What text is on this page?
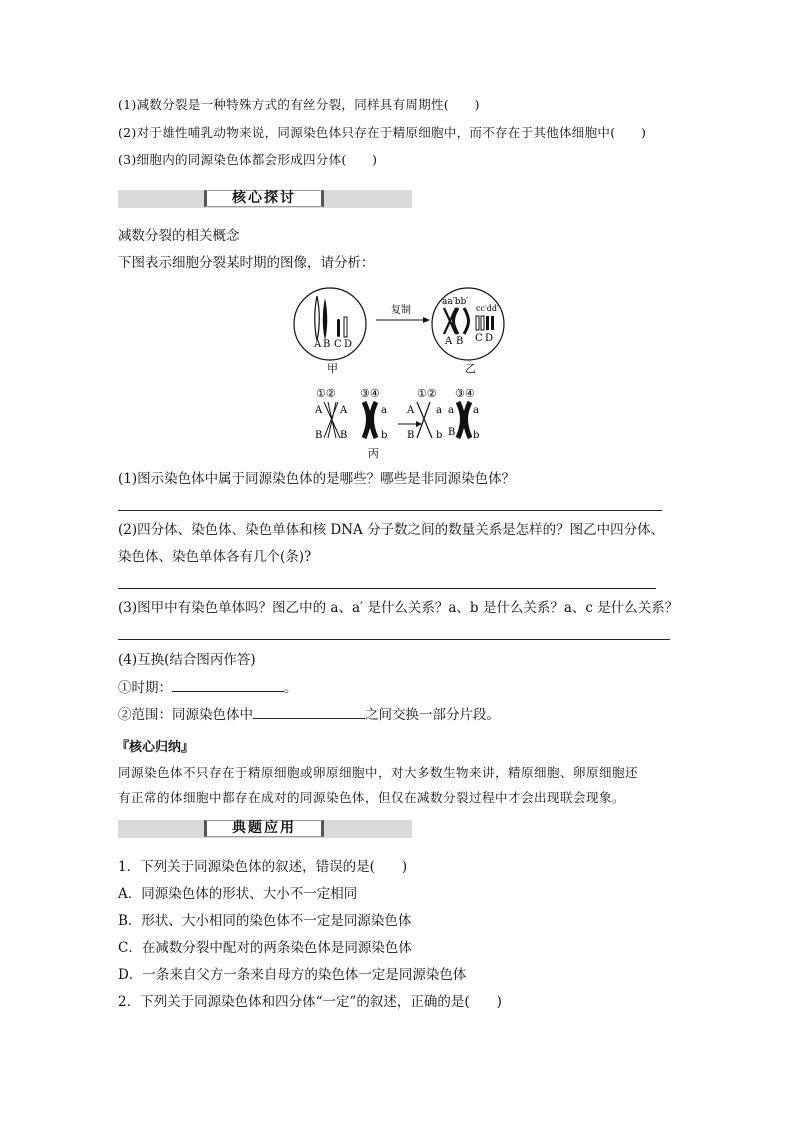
(1)减数分裂是一种特殊方式的有丝分裂，同样具有周期性(　　)
(2)对于雄性哺乳动物来说，同源染色体只存在于精原细胞中，而不存在于其他体细胞中(　　)
(3)细胞内的同源染色体都会形成四分体(　　)
核心探讨
减数分裂的相关概念
下图表示细胞分裂某时期的图像，请分析：
A B C D
甲
复制
aa′bb′
cc′dd′
A B C D
乙
①② ③④	①② ③④
A A
B B
a
b
A a
B b
a a
B b
丙
(1)图示染色体中属于同源染色体的是哪些？哪些是非同源染色体？
(2)四分体、染色体、染色单体和核 DNA 分子数之间的数量关系是怎样的？图乙中四分体、
染色体、染色单体各有几个(条)?
(3)图甲中有染色单体吗？图乙中的 a、a′ 是什么关系？a、b 是什么关系？a、c 是什么关系？
(4)互换(结合图丙作答)
①时期：	。
②范围：同源染色体中	之间交换一部分片段。
『核心归纳』
同源染色体不只存在于精原细胞或卵原细胞中，对大多数生物来讲，精原细胞、卵原细胞还
有正常的体细胞中都存在成对的同源染色体，但仅在减数分裂过程中才会出现联会现象。
典题应用
1．下列关于同源染色体的叙述，错误的是(　　)
A．同源染色体的形状、大小不一定相同
B．形状、大小相同的染色体不一定是同源染色体
C．在减数分裂中配对的两条染色体是同源染色体
D．一条来自父方一条来自母方的染色体一定是同源染色体
2．下列关于同源染色体和四分体“一定”的叙述，正确的是(　　)
